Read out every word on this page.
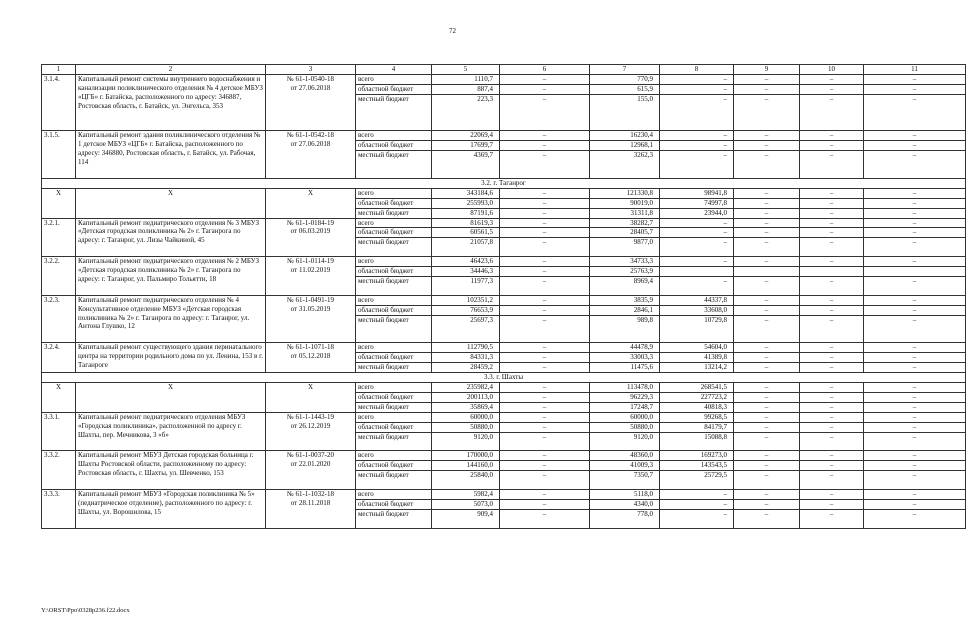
72
1	2	3	4	5	6	7	8	9	10	11
3.1.4.	Капитальный ремонт системы внутреннего водоснабжения и канализации поликлинического отделения № 4 детское МБУЗ «ЦГБ» г. Батайска, расположенного по адресу: 346887, Ростовская область, г. Батайск, ул. Энгельса, 353	№ 61-1-0540-18
от 27.06.2018	всего	1110,7	–	770,9	–	–	–	–
			областной бюджет	887,4	–	615,9	–	–	–	–
			местный бюджет	223,3	–	155,0	–	–	–	–
3.1.5.	Капитальный ремонт здания поликлинического отделения № 1 детское МБУЗ «ЦГБ» г. Батайска, расположенного по адресу: 346880, Ростовская область, г. Батайск, ул. Рабочая, 114	№ 61-1-0542-18
от 27.06.2018	всего	22069,4	–	16230,4	–	–	–	–
			областной бюджет	17699,7	–	12968,1	–	–	–	–
			местный бюджет	4369,7	–	3262,3	–	–	–	–
3.2. г. Таганрог										
Х	Х	Х	всего	343184,6	–	121330,8	98941,8	–	–	–
			областной бюджет	255993,0	–	90019,0	74997,8	–	–	–
			местный бюджет	87191,6	–	31311,8	23944,0	–	–	–
3.2.1.	Капитальный ремонт педиатрического отделения № 3 МБУЗ «Детская городская поликлиника № 2» г. Таганрога по адресу: г. Таганрог, ул. Лизы Чайкиной, 45	№ 61-1-0184-19
от 06.03.2019	всего	81619,3	–	38282,7	–	–	–	–
			областной бюджет	60561,5	–	28405,7	–	–	–	–
			местный бюджет	21057,8	–	9877,0	–	–	–	–
3.2.2.	Капитальный ремонт педиатрического отделения № 2 МБУЗ «Детская городская поликлиника № 2» г. Таганрога по адресу: г. Таганрог, ул. Пальмиро Тольятти, 18	№ 61-1-0114-19
от 11.02.2019	всего	46423,6	–	34733,3	–	–	–	–
			областной бюджет	34446,3	–	25763,9				
			местный бюджет	11977,3	–	8969,4	–	–	–	–
3.2.3.	Капитальный ремонт педиатрического отделения № 4 Консультативное отделение МБУЗ «Детская городская поликлиника № 2» г. Таганрога по адресу: г. Таганрог, ул. Антона Глушко, 12	№ 61-1-0491-19
от 31.05.2019	всего	102351,2	–	3835,9	44337,8	–	–	–
			областной бюджет	76653,9	–	2846,1	33608,0	–	–	–
			местный бюджет	25697,3	–	989,8	10729,8	–	–	–
3.2.4.	Капитальный ремонт существующего здания перинатального центра на территории родильного дома по ул. Ленина, 153 в г. Таганроге	№ 61-1-1071-18
от 05.12.2018	всего	112790,5	–	44478,9	54604,0	–	–	–
			областной бюджет	84331,3	–	33003,3	41389,8	–	–	–
			местный бюджет	28459,2	–	11475,6	13214,2	–	–	–
3.3. г. Шахты										
Х	Х	Х	всего	235982,4	–	113478,0	268541,5	–	–	–
			областной бюджет	200113,0	–	96229,3	227723,2	–	–	–
			местный бюджет	35869,4	–	17248,7	40818,3	–	–	–
3.3.1.	Капитальный ремонт педиатрического отделения МБУЗ «Городская поликлиника», расположенной по адресу г. Шахты, пер. Мечникова, 3 «б»	№ 61-1-1443-19
от 26.12.2019	всего	60000,0	–	60000,0	99268,5	–	–	–
			областной бюджет	50880,0	–	50880,0	84179,7	–	–	–
			местный бюджет	9120,0	–	9120,0	15088,8	–	–	–
3.3.2.	Капитальный ремонт МБУЗ Детская городская больница г. Шахты Ростовской области, расположенному по адресу: Ростовская область, г. Шахты, ул. Шевченко, 153	№ 61-1-0037-20
от 22.01.2020	всего	170000,0	–	48360,0	169273,0	–	–	–
			областной бюджет	144160,0	–	41009,3	143543,5	–	–	–
			местный бюджет	25840,0	–	7350,7	25729,5	–	–	–
3.3.3.	Капитальный ремонт МБУЗ «Городская поликлиника № 5» (педиатрическое отделение), расположенного по адресу: г. Шахты, ул. Ворошилова, 15	№ 61-1-1032-18
от 28.11.2018	всего	5982,4	–	5118,0	–	–	–	–
			областной бюджет	5073,0	–	4340,0	–	–	–	–
			местный бюджет	909,4	–	778,0	–	–	–	–
Y:\ORST\Ppo\0328p236.f22.docx
